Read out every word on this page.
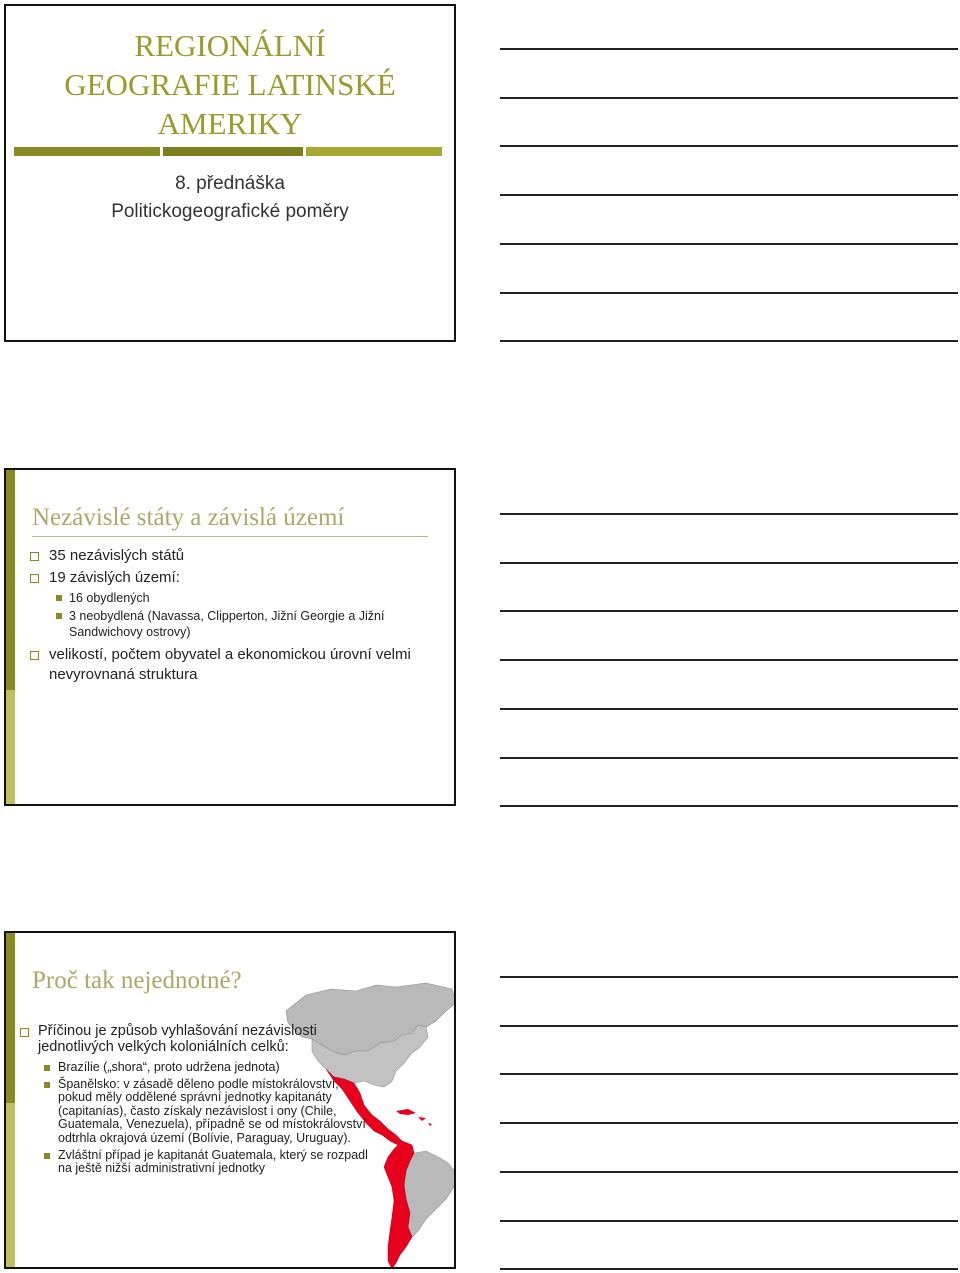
REGIONÁLNÍ
GEOGRAFIE LATINSKÉ
AMERIKY
8. přednáška
Politickogeografické poměry
Nezávislé státy a závislá území
35 nezávislých států
19 závislých území:
16 obydlených
3 neobydlená (Navassa, Clipperton, Jižní Georgie a Jižní Sandwichovy ostrovy)
velikostí, počtem obyvatel a ekonomickou úrovní velmi nevyrovnaná struktura
Proč tak nejednotné?
Příčinou je způsob vyhlašování nezávislosti jednotlivých velkých koloniálních celků:
Brazílie („shora“, proto udržena jednota)
Španělsko: v zásadě děleno podle místokrálovství, pokud měly oddělené správní jednotky kapitanáty (capitanías), často získaly nezávislost i ony (Chile, Guatemala, Venezuela), případně se od místokrálovství odtrhla okrajová území (Bolívie, Paraguay, Uruguay).
Zvláštní případ je kapitanát Guatemala, který se rozpadl na ještě nižší administrativní jednotky
